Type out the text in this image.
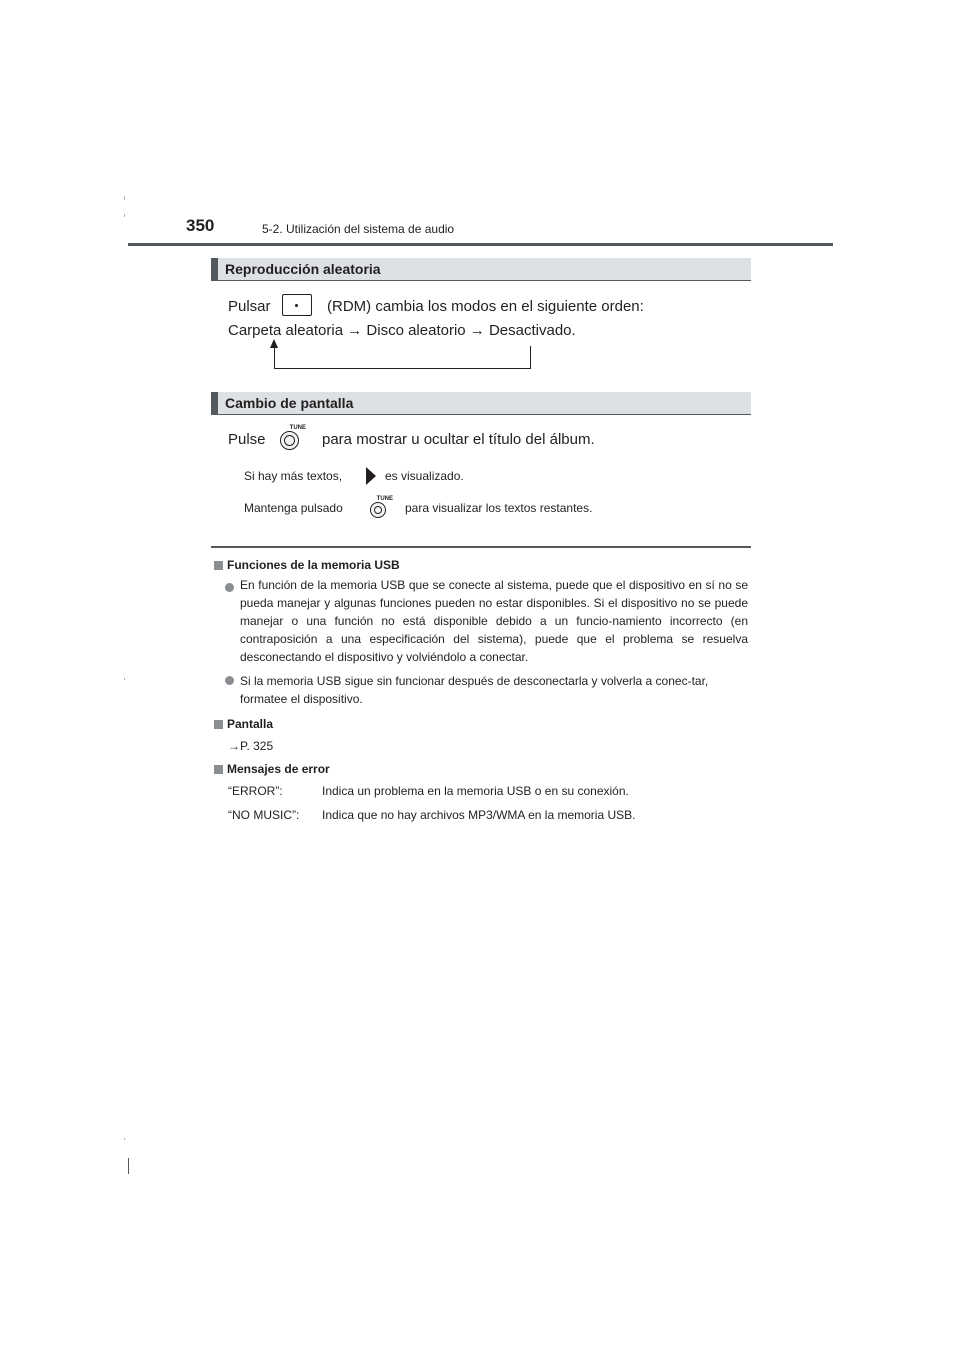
350	5-2. Utilización del sistema de audio
Reproducción aleatoria
Pulsar	(RDM) cambia los modos en el siguiente orden:
Carpeta aleatoria → Disco aleatorio → Desactivado.
Cambio de pantalla
Pulse
TUNE
para mostrar u ocultar el título del álbum.
Si hay más textos,	es visualizado.
Mantenga pulsado
TUNE
para visualizar los textos restantes.
Funciones de la memoria USB
En función de la memoria USB que se conecte al sistema, puede que el dispositivo en sí no se pueda manejar y algunas funciones pueden no estar disponibles. Si el dispositivo no se puede manejar o una función no está disponible debido a un funcio-namiento incorrecto (en contraposición a una especificación del sistema), puede que el problema se resuelva desconectando el dispositivo y volviéndolo a conectar.
Si la memoria USB sigue sin funcionar después de desconectarla y volverla a conec-tar, formatee el dispositivo.
Pantalla
→P. 325
Mensajes de error
“ERROR”:	Indica un problema en la memoria USB o en su conexión.
“NO MUSIC”: Indica que no hay archivos MP3/WMA en la memoria USB.
